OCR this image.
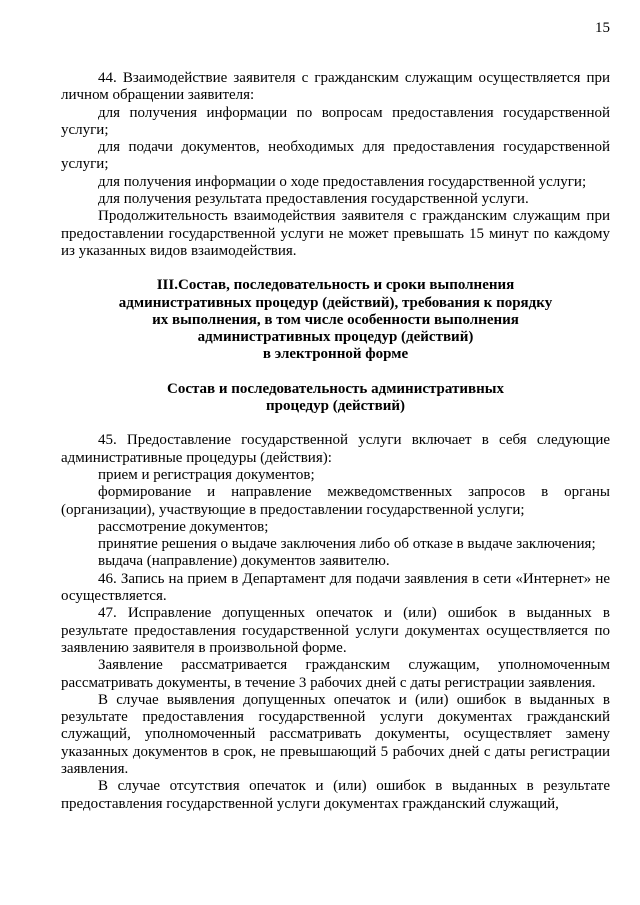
15

44. Взаимодействие заявителя с гражданским служащим осуществляется при личном обращении заявителя:

для получения информации по вопросам предоставления государственной услуги;

для подачи документов, необходимых для предоставления государственной услуги;

для получения информации о ходе предоставления государственной услуги;

для получения результата предоставления государственной услуги.

Продолжительность взаимодействия заявителя с гражданским служащим при предоставлении государственной услуги не может превышать 15 минут по каждому из указанных видов взаимодействия.

III.Состав, последовательность и сроки выполнения
административных процедур (действий), требования к порядку
их выполнения, в том числе особенности выполнения
административных процедур (действий)
в электронной форме
Состав и последовательность административных
процедур (действий)

45. Предоставление государственной услуги включает в себя следующие административные процедуры (действия):

прием и регистрация документов;

формирование и направление межведомственных запросов в органы (организации), участвующие в предоставлении государственной услуги;

рассмотрение документов;

принятие решения о выдаче заключения либо об отказе в выдаче заключения;

выдача (направление) документов заявителю.

46. Запись на прием в Департамент для подачи заявления в сети «Интернет» не осуществляется.

47. Исправление допущенных опечаток и (или) ошибок в выданных в результате предоставления государственной услуги документах осуществляется по заявлению заявителя в произвольной форме.

Заявление рассматривается гражданским служащим, уполномоченным рассматривать документы, в течение 3 рабочих дней с даты регистрации заявления.

В случае выявления допущенных опечаток и (или) ошибок в выданных в результате предоставления государственной услуги документах гражданский служащий, уполномоченный рассматривать документы, осуществляет замену указанных документов в срок, не превышающий 5 рабочих дней с даты регистрации заявления.

В случае отсутствия опечаток и (или) ошибок в выданных в результате предоставления государственной услуги документах гражданский служащий,
